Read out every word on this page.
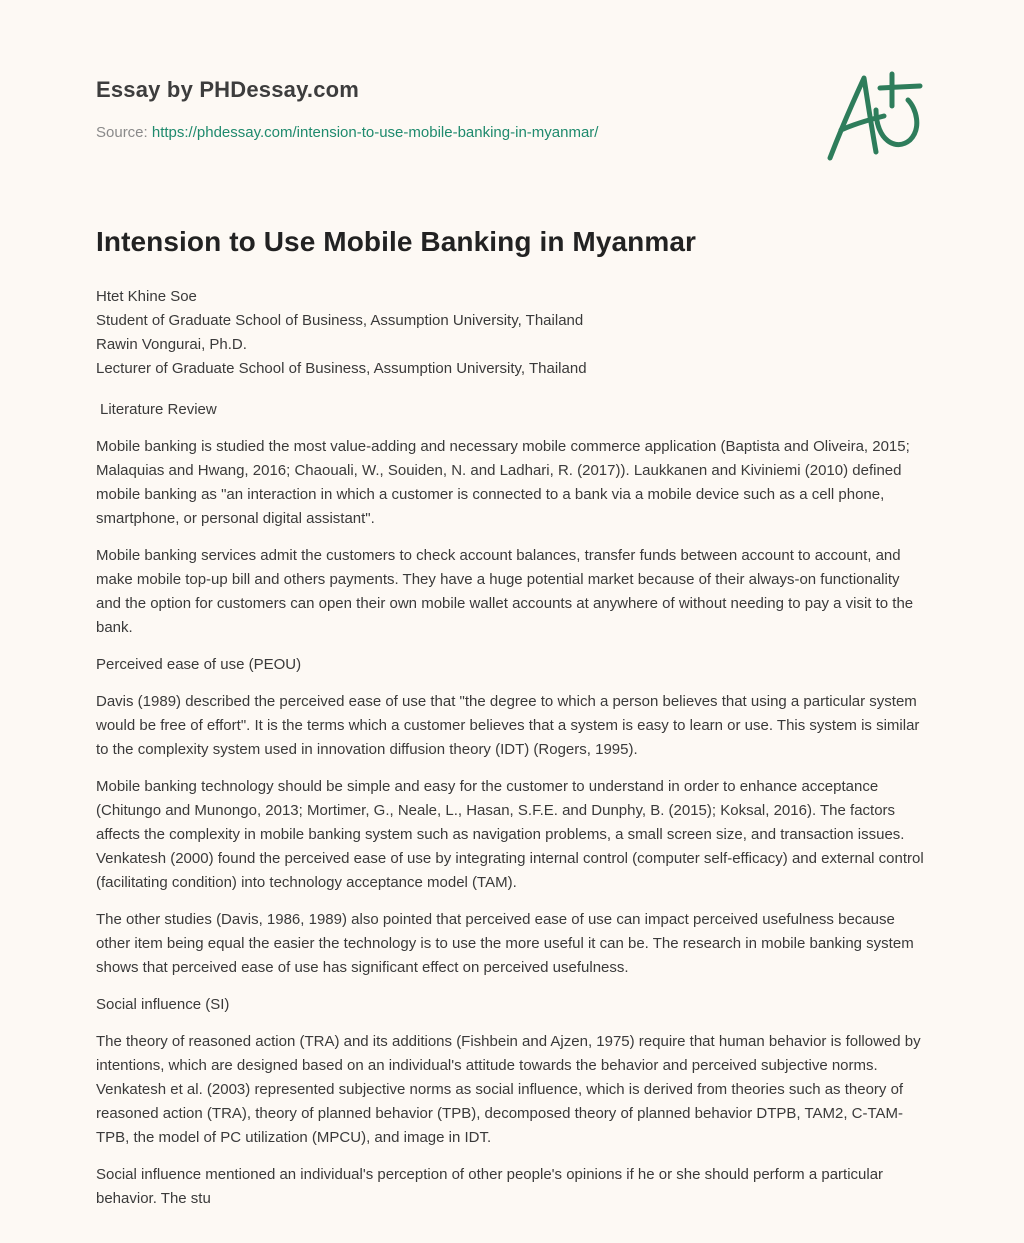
Essay by PHDessay.com

Source: https://phdessay.com/intension-to-use-mobile-banking-in-myanmar/

Intension to Use Mobile Banking in Myanmar
Htet Khine Soe
Student of Graduate School of Business, Assumption University, Thailand
Rawin Vongurai, Ph.D.
Lecturer of Graduate School of Business, Assumption University, Thailand

Literature Review

Mobile banking is studied the most value-adding and necessary mobile commerce application (Baptista and Oliveira, 2015; Malaquias and Hwang, 2016; Chaouali, W., Souiden, N. and Ladhari, R. (2017)). Laukkanen and Kiviniemi (2010) defined mobile banking as "an interaction in which a customer is connected to a bank via a mobile device such as a cell phone, smartphone, or personal digital assistant".

Mobile banking services admit the customers to check account balances, transfer funds between account to account, and make mobile top-up bill and others payments. They have a huge potential market because of their always-on functionality and the option for customers can open their own mobile wallet accounts at anywhere of without needing to pay a visit to the bank.

Perceived ease of use (PEOU)

Davis (1989) described the perceived ease of use that "the degree to which a person believes that using a particular system would be free of effort". It is the terms which a customer believes that a system is easy to learn or use. This system is similar to the complexity system used in innovation diffusion theory (IDT) (Rogers, 1995).

Mobile banking technology should be simple and easy for the customer to understand in order to enhance acceptance (Chitungo and Munongo, 2013; Mortimer, G., Neale, L., Hasan, S.F.E. and Dunphy, B. (2015); Koksal, 2016). The factors affects the complexity in mobile banking system such as navigation problems, a small screen size, and transaction issues. Venkatesh (2000) found the perceived ease of use by integrating internal control (computer self-efficacy) and external control (facilitating condition) into technology acceptance model (TAM).

The other studies (Davis, 1986, 1989) also pointed that perceived ease of use can impact perceived usefulness because other item being equal the easier the technology is to use the more useful it can be. The research in mobile banking system shows that perceived ease of use has significant effect on perceived usefulness.

Social influence (SI)

The theory of reasoned action (TRA) and its additions (Fishbein and Ajzen, 1975) require that human behavior is followed by intentions, which are designed based on an individual's attitude towards the behavior and perceived subjective norms. Venkatesh et al. (2003) represented subjective norms as social influence, which is derived from theories such as theory of reasoned action (TRA), theory of planned behavior (TPB), decomposed theory of planned behavior DTPB, TAM2, C-TAM-TPB, the model of PC utilization (MPCU), and image in IDT.

Social influence mentioned an individual's perception of other people's opinions if he or she should perform a particular behavior. The stu
